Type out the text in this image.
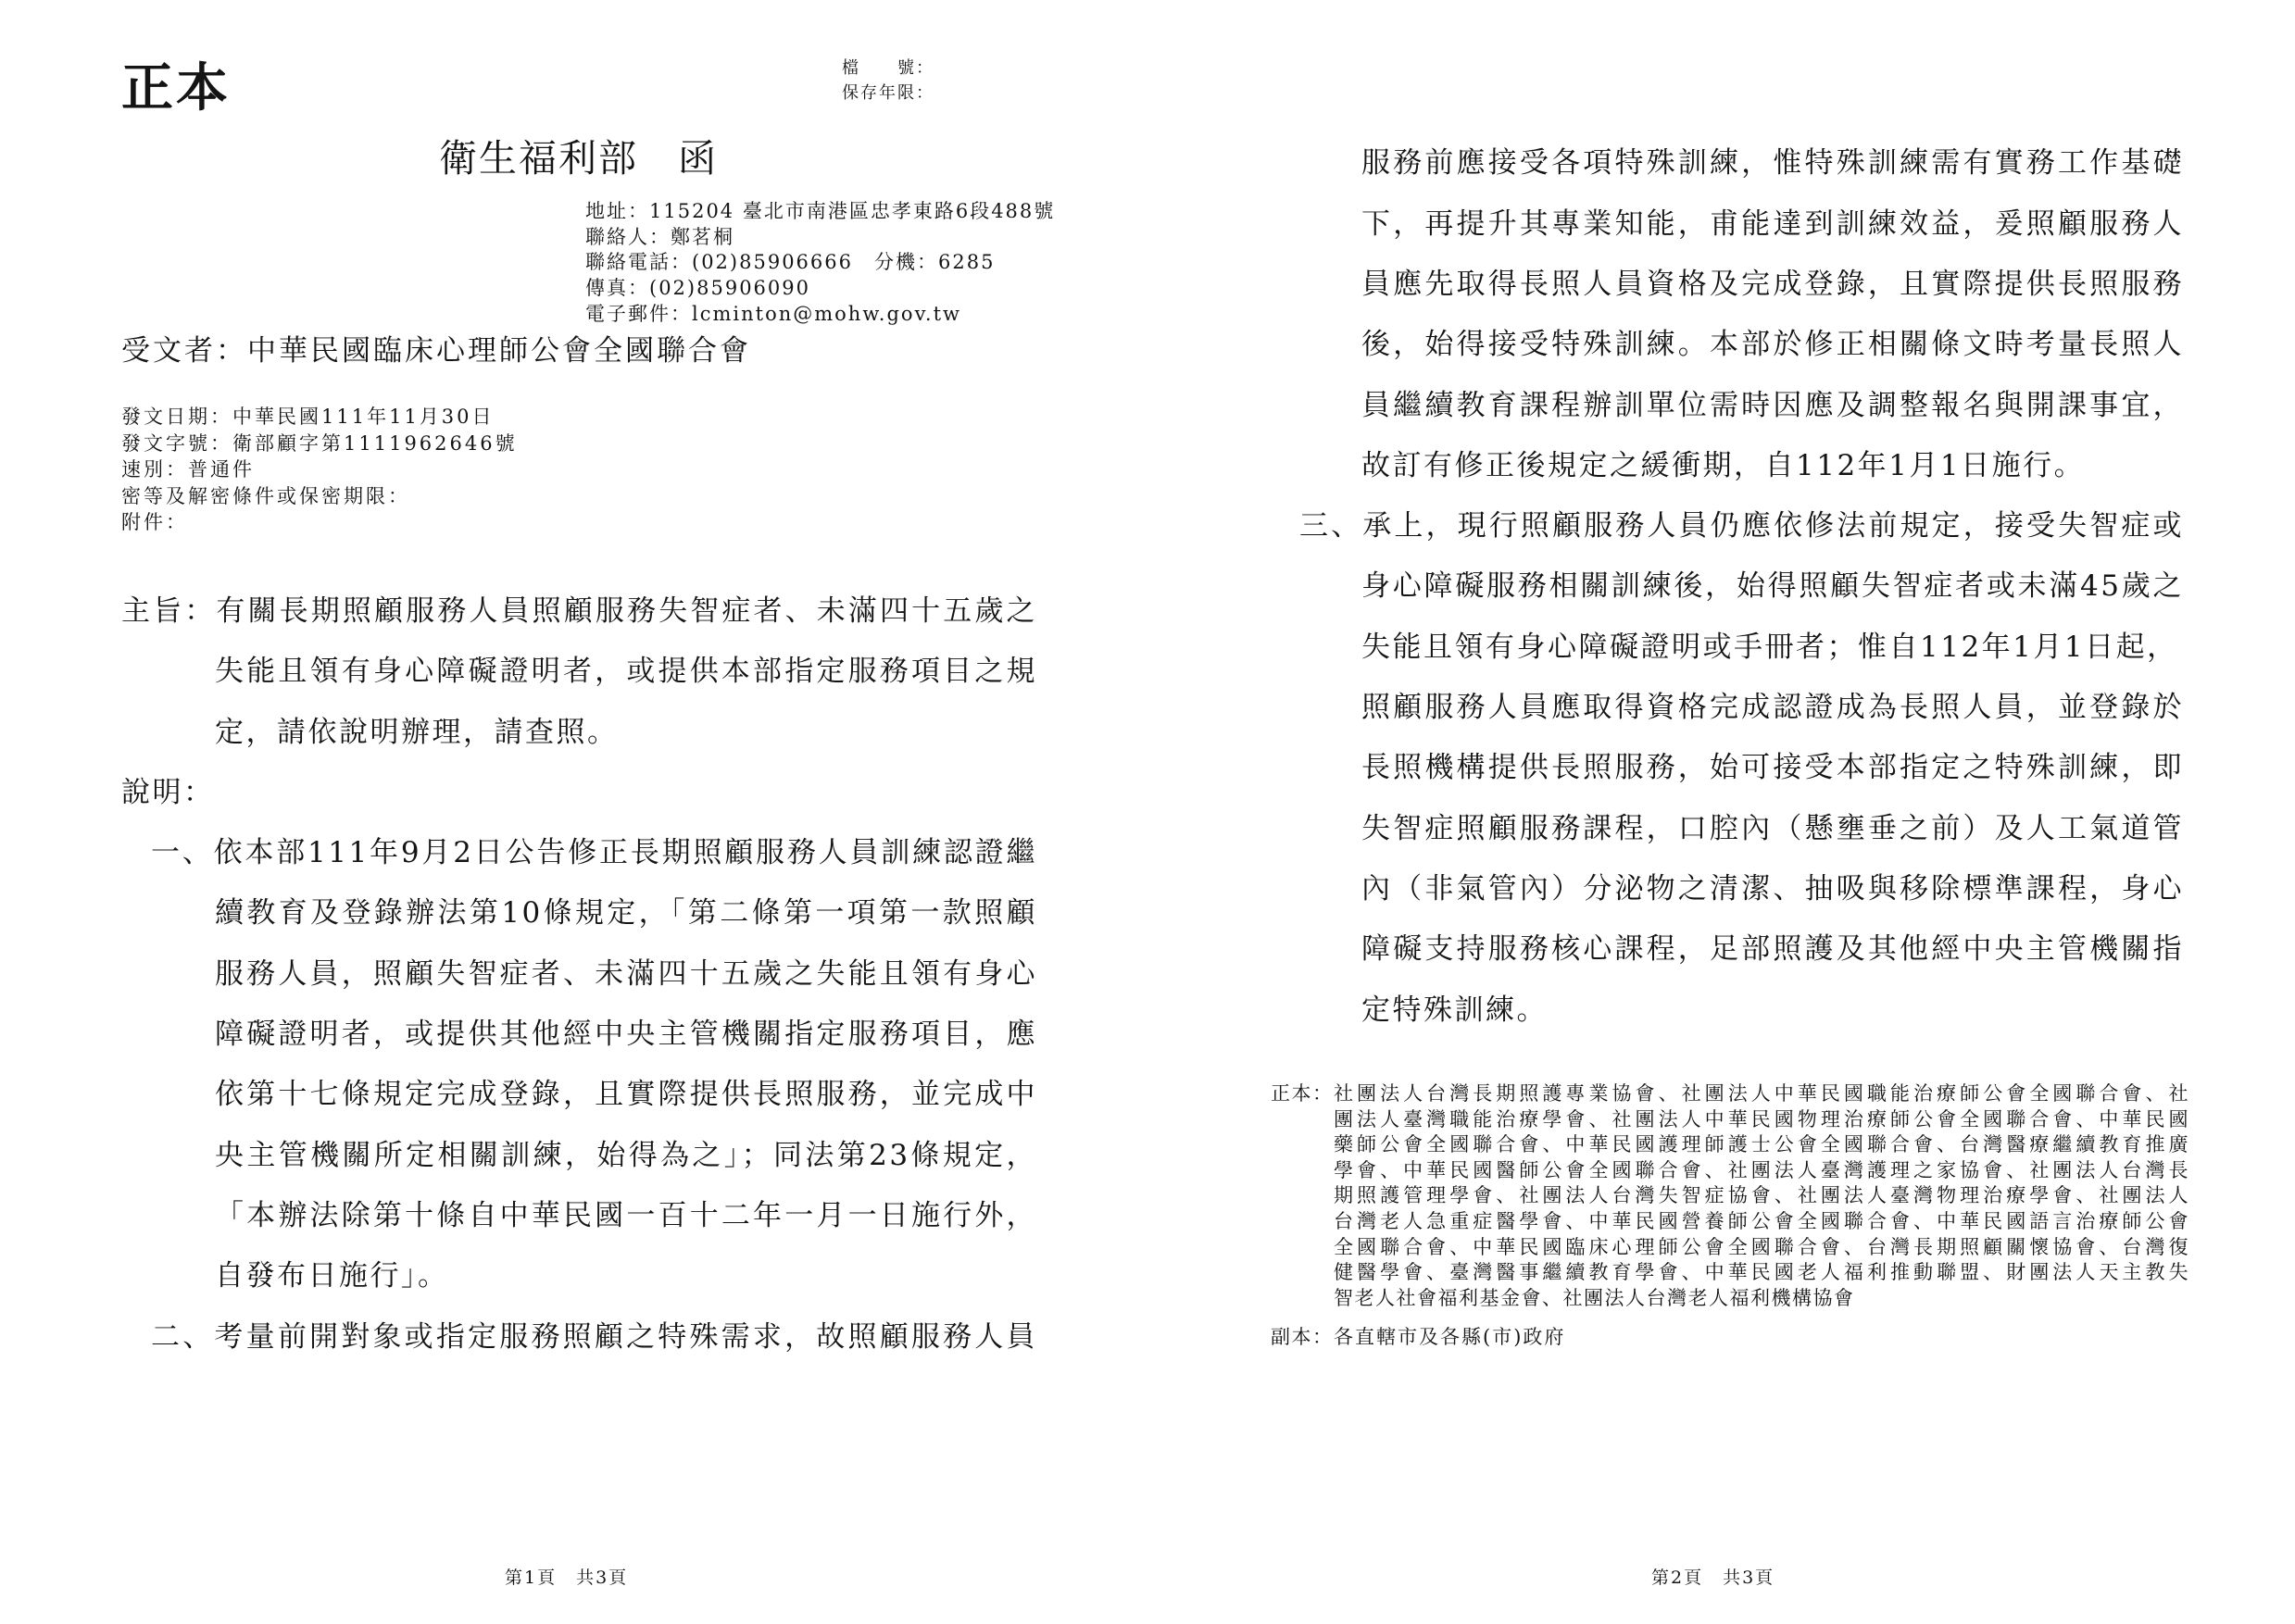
正本	檔　　號：
保存年限：
衛生福利部　函
地址：115204 臺北市南港區忠孝東路6段488號
聯絡人：鄭茗桐
聯絡電話：(02)85906666　分機：6285
傳真：(02)85906090
電子郵件：lcminton@mohw.gov.tw
受文者：中華民國臨床心理師公會全國聯合會
發文日期：中華民國111年11月30日
發文字號：衛部顧字第1111962646號
速別：普通件
密等及解密條件或保密期限：
附件：
主旨：有關長期照顧服務人員照顧服務失智症者、未滿四十五歲之
失能且領有身心障礙證明者，或提供本部指定服務項目之規
定，請依說明辦理，請查照。
說明：
一、依本部111年9月2日公告修正長期照顧服務人員訓練認證繼
續教育及登錄辦法第10條規定，「第二條第一項第一款照顧
服務人員，照顧失智症者、未滿四十五歲之失能且領有身心
障礙證明者，或提供其他經中央主管機關指定服務項目，應
依第十七條規定完成登錄，且實際提供長照服務，並完成中
央主管機關所定相關訓練，始得為之」；同法第23條規定，
「本辦法除第十條自中華民國一百十二年一月一日施行外，
自發布日施行」。
二、考量前開對象或指定服務照顧之特殊需求，故照顧服務人員
第1頁　共3頁
服務前應接受各項特殊訓練，惟特殊訓練需有實務工作基礎
下，再提升其專業知能，甫能達到訓練效益，爰照顧服務人
員應先取得長照人員資格及完成登錄，且實際提供長照服務
後，始得接受特殊訓練。本部於修正相關條文時考量長照人
員繼續教育課程辦訓單位需時因應及調整報名與開課事宜，
故訂有修正後規定之緩衝期，自112年1月1日施行。
三、承上，現行照顧服務人員仍應依修法前規定，接受失智症或
身心障礙服務相關訓練後，始得照顧失智症者或未滿45歲之
失能且領有身心障礙證明或手冊者；惟自112年1月1日起，
照顧服務人員應取得資格完成認證成為長照人員，並登錄於
長照機構提供長照服務，始可接受本部指定之特殊訓練，即
失智症照顧服務課程，口腔內（懸壅垂之前）及人工氣道管
內（非氣管內）分泌物之清潔、抽吸與移除標準課程，身心
障礙支持服務核心課程，足部照護及其他經中央主管機關指
定特殊訓練。
正本： 社團法人台灣長期照護專業協會、社團法人中華民國職能治療師公會全國聯合會、社
團法人臺灣職能治療學會、社團法人中華民國物理治療師公會全國聯合會、中華民國
藥師公會全國聯合會、中華民國護理師護士公會全國聯合會、台灣醫療繼續教育推廣
學會、中華民國醫師公會全國聯合會、社團法人臺灣護理之家協會、社團法人台灣長
期照護管理學會、社團法人台灣失智症協會、社團法人臺灣物理治療學會、社團法人
台灣老人急重症醫學會、中華民國營養師公會全國聯合會、中華民國語言治療師公會
全國聯合會、中華民國臨床心理師公會全國聯合會、台灣長期照顧關懷協會、台灣復
健醫學會、臺灣醫事繼續教育學會、中華民國老人福利推動聯盟、財團法人天主教失
智老人社會福利基金會、社團法人台灣老人福利機構協會
副本：各直轄市及各縣(市)政府
第2頁　共3頁
